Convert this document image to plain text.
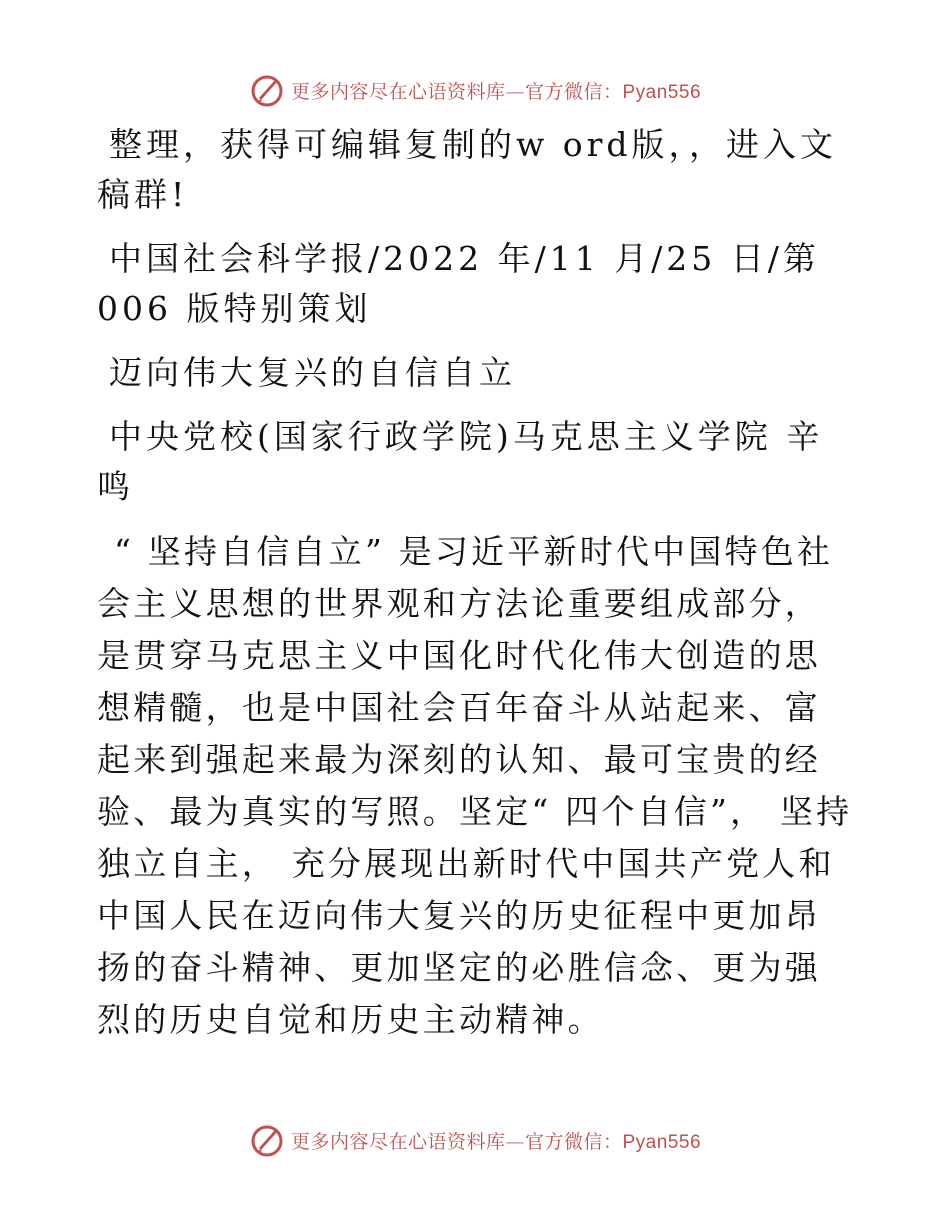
更多内容尽在心语资料库—官方微信：Pyan556

整理，获得可编辑复制的w ord版，，进入文稿群!

中国社会科学报/2022 年/11 月/25 日/第 006 版特别策划

迈向伟大复兴的自信自立

中央党校(国家行政学院)马克思主义学院 辛鸣

“ 坚持自信自立” 是习近平新时代中国特色社会主义思想的世界观和方法论重要组成部分，是贯穿马克思主义中国化时代化伟大创造的思想精髓，也是中国社会百年奋斗从站起来、富起来到强起来最为深刻的认知、最可宝贵的经验、最为真实的写照。坚定“ 四个自信”， 坚持独立自主， 充分展现出新时代中国共产党人和中国人民在迈向伟大复兴的历史征程中更加昂扬的奋斗精神、更加坚定的必胜信念、更为强烈的历史自觉和历史主动精神。

更多内容尽在心语资料库—官方微信：Pyan556
